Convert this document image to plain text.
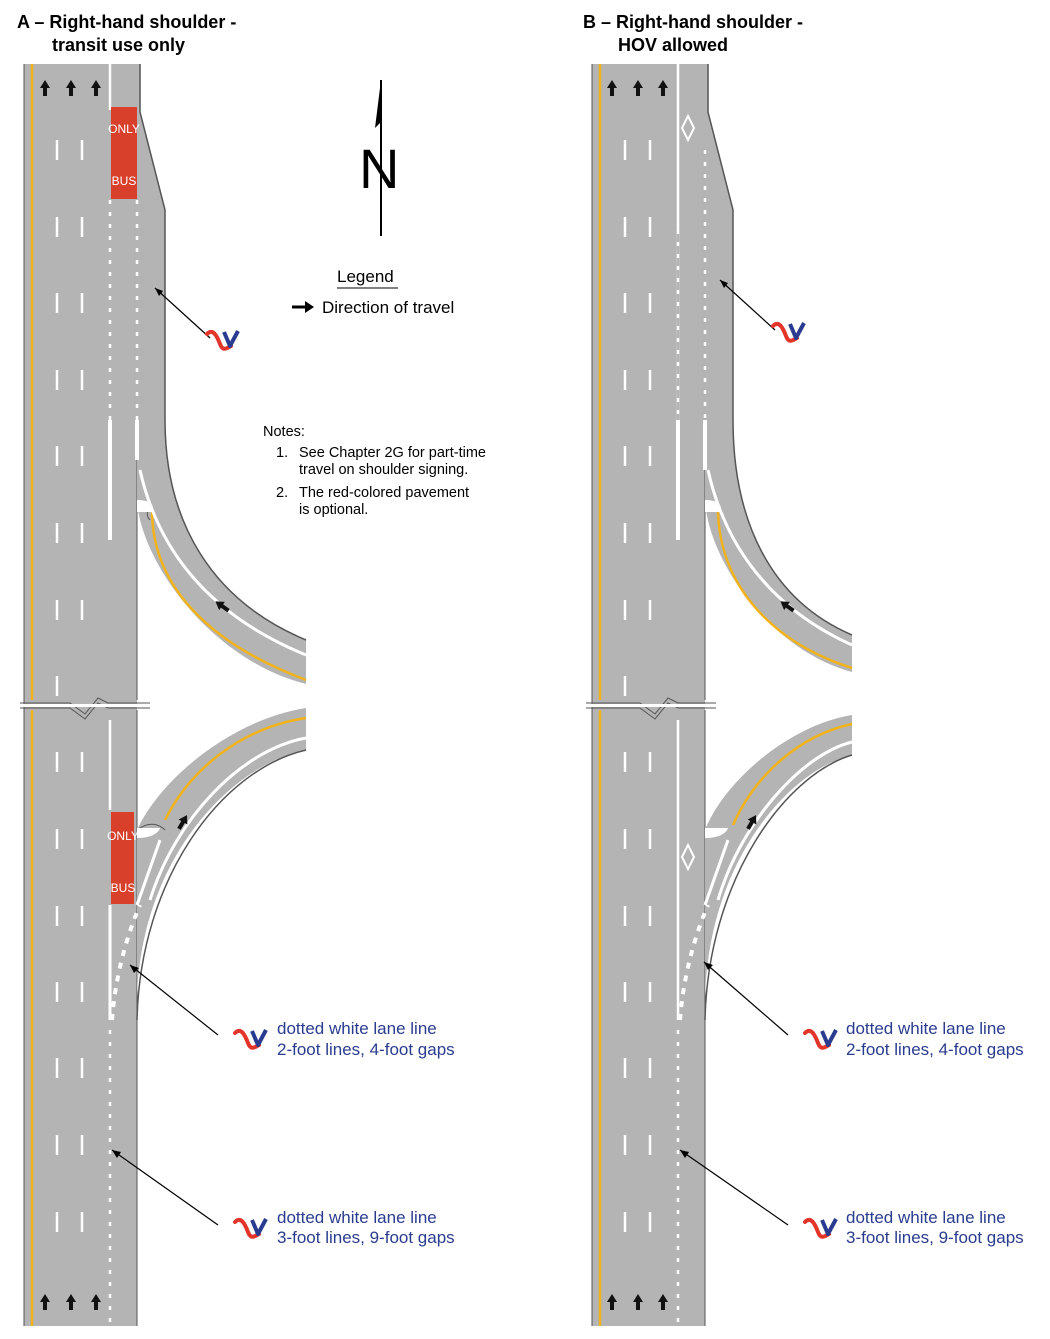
A – Right-hand shoulder -
transit use only
ONLY
BUS
ONLY
BUS
dotted white lane line
2-foot lines, 4-foot gaps
dotted white lane line
3-foot lines, 9-foot gaps
N
Legend
Direction of travel
Notes:
1. See Chapter 2G for part-time
travel on shoulder signing.
2. The red-colored pavement
is optional.
B – Right-hand shoulder -
HOV allowed
dotted white lane line
2-foot lines, 4-foot gaps
dotted white lane line
3-foot lines, 9-foot gaps
